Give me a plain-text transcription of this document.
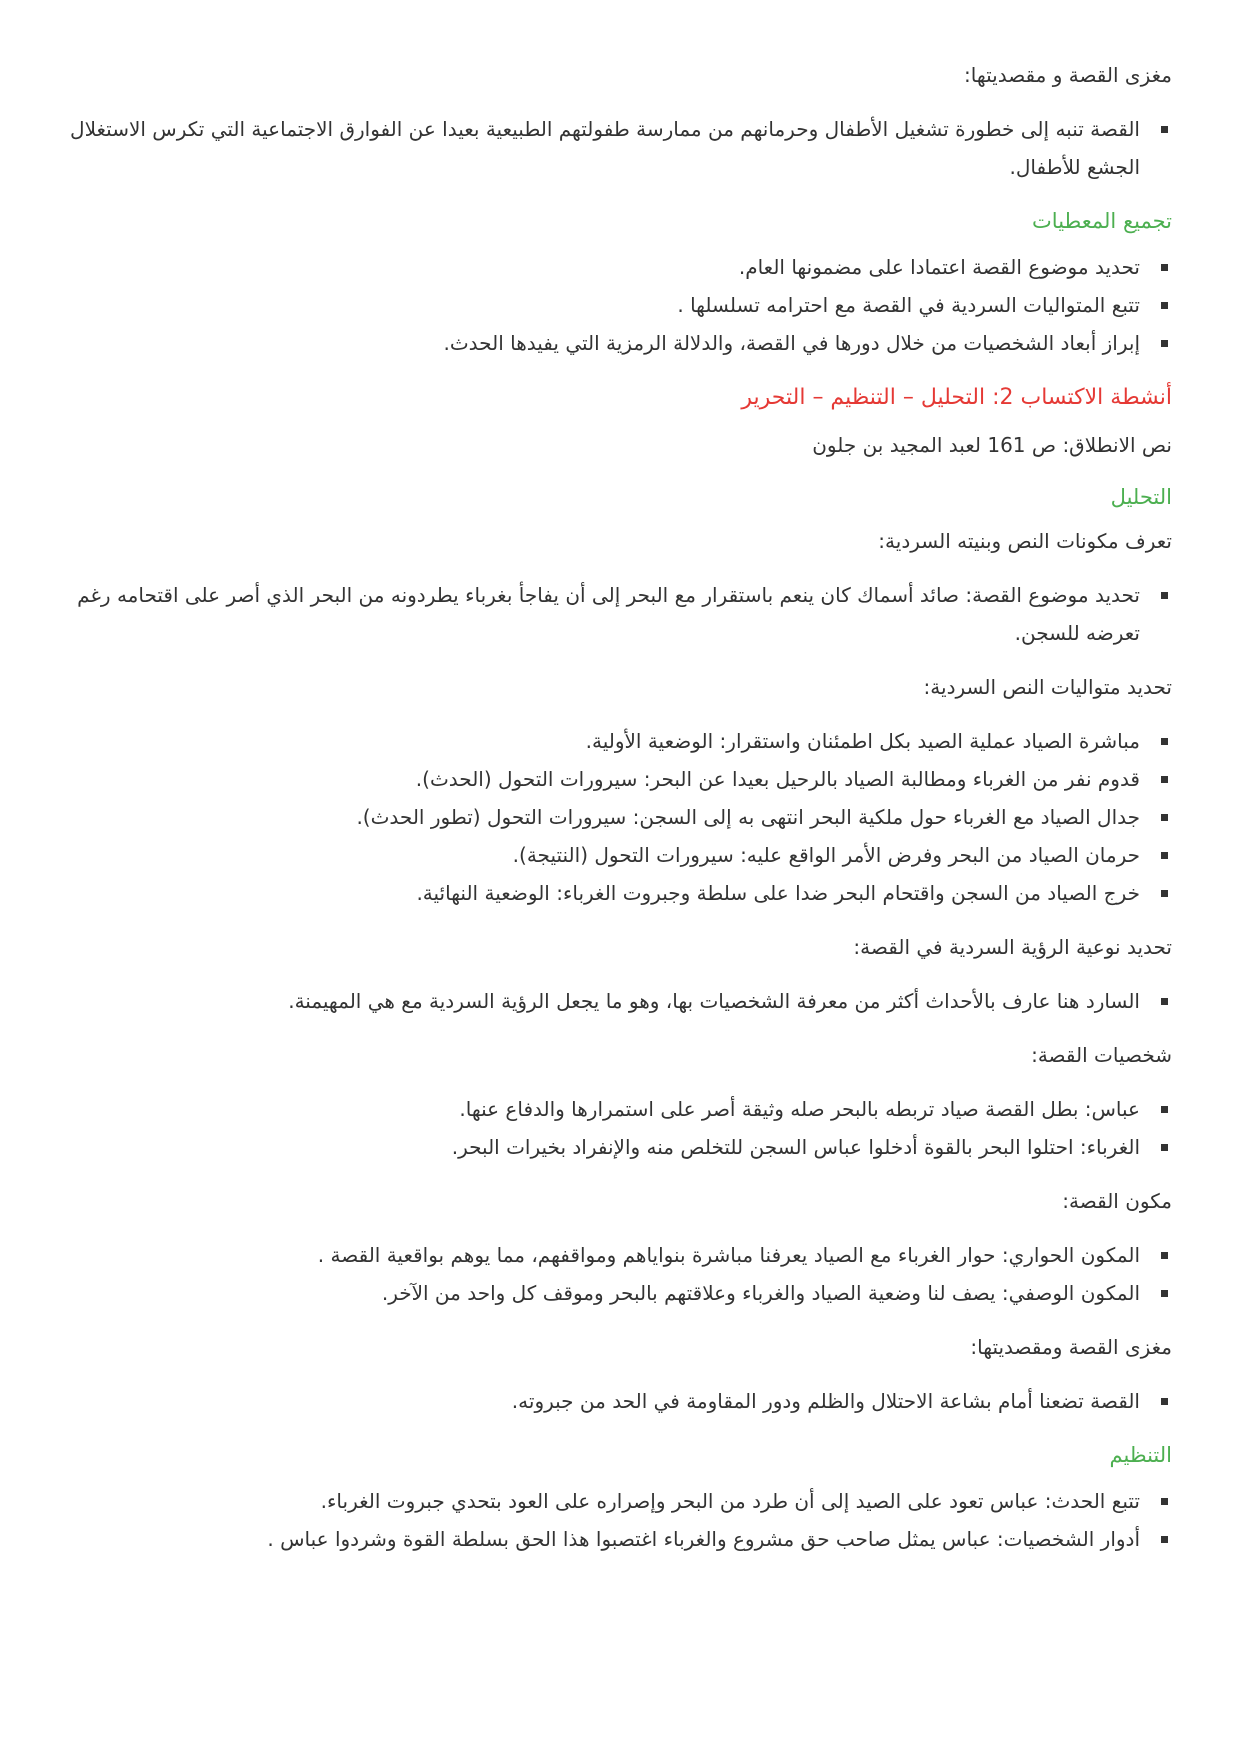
مغزى القصة و مقصديتها:

القصة تنبه إلى خطورة تشغيل الأطفال وحرمانهم من ممارسة طفولتهم الطبيعية بعيدا عن الفوارق الاجتماعية التي تكرس الاستغلال الجشع للأطفال.

تجميع المعطيات

تحديد موضوع القصة اعتمادا على مضمونها العام.
تتبع المتواليات السردية في القصة مع احترامه تسلسلها .
إبراز أبعاد الشخصيات من خلال دورها في القصة، والدلالة الرمزية التي يفيدها الحدث.

أنشطة الاكتساب 2: التحليل – التنظيم – التحرير

نص الانطلاق: ص 161 لعبد المجيد بن جلون

التحليل

تعرف مكونات النص وبنيته السردية:

تحديد موضوع القصة: صائد أسماك كان ينعم باستقرار مع البحر إلى أن يفاجأ بغرباء يطردونه من البحر الذي أصر على اقتحامه رغم تعرضه للسجن.

تحديد متواليات النص السردية:

مباشرة الصياد عملية الصيد بكل اطمئنان واستقرار: الوضعية الأولية.
قدوم نفر من الغرباء ومطالبة الصياد بالرحيل بعيدا عن البحر: سيرورات التحول (الحدث).
جدال الصياد مع الغرباء حول ملكية البحر انتهى به إلى السجن: سيرورات التحول (تطور الحدث).
حرمان الصياد من البحر وفرض الأمر الواقع عليه: سيرورات التحول (النتيجة).
خرج الصياد من السجن واقتحام البحر ضدا على سلطة وجبروت الغرباء: الوضعية النهائية.

تحديد نوعية الرؤية السردية في القصة:

السارد هنا عارف بالأحداث أكثر من معرفة الشخصيات بها، وهو ما يجعل الرؤية السردية مع هي المهيمنة.

شخصيات القصة:

عباس: بطل القصة صياد تربطه بالبحر صله وثيقة أصر على استمرارها والدفاع عنها.
الغرباء: احتلوا البحر بالقوة أدخلوا عباس السجن للتخلص منه والإنفراد بخيرات البحر.

مكون القصة:

المكون الحواري: حوار الغرباء مع الصياد يعرفنا مباشرة بنواياهم ومواقفهم، مما يوهم بواقعية القصة .
المكون الوصفي: يصف لنا وضعية الصياد والغرباء وعلاقتهم بالبحر وموقف كل واحد من الآخر.

مغزى القصة ومقصديتها:

القصة تضعنا أمام بشاعة الاحتلال والظلم ودور المقاومة في الحد من جبروته.

التنظيم

تتبع الحدث: عباس تعود على الصيد إلى أن طرد من البحر وإصراره على العود بتحدي جبروت الغرباء.
أدوار الشخصيات: عباس يمثل صاحب حق مشروع والغرباء اغتصبوا هذا الحق بسلطة القوة وشردوا عباس .
